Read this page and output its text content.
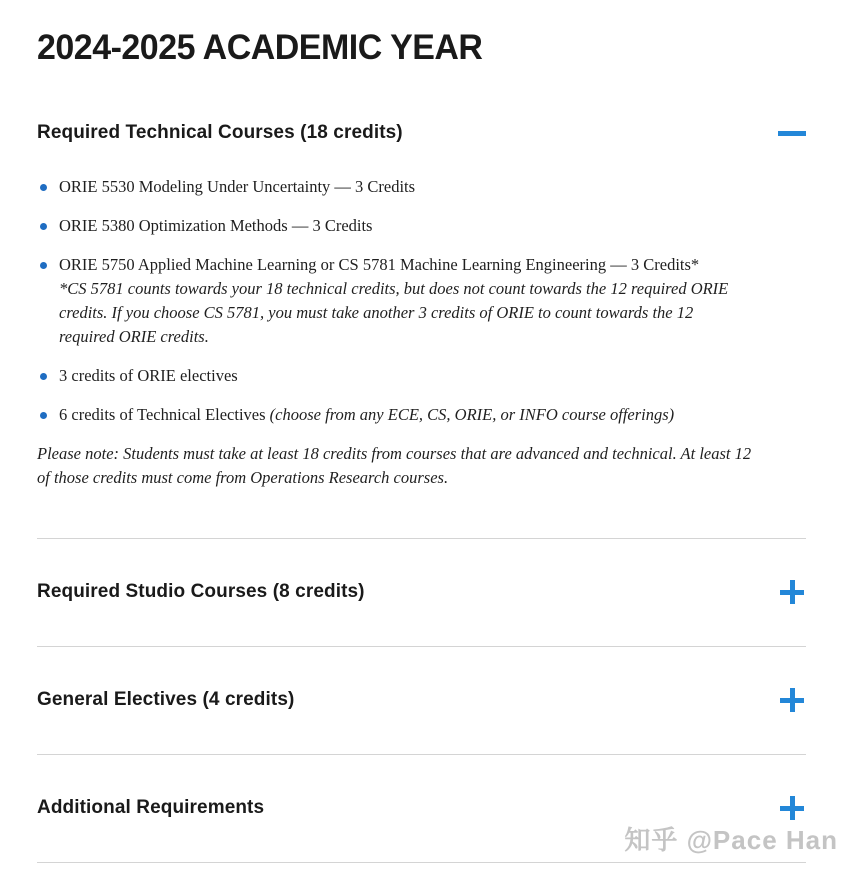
2024-2025 ACADEMIC YEAR
Required Technical Courses (18 credits)
ORIE 5530 Modeling Under Uncertainty — 3 Credits
ORIE 5380 Optimization Methods — 3 Credits
ORIE 5750 Applied Machine Learning or CS 5781 Machine Learning Engineering — 3 Credits*
*CS 5781 counts towards your 18 technical credits, but does not count towards the 12 required ORIE credits. If you choose CS 5781, you must take another 3 credits of ORIE to count towards the 12 required ORIE credits.
3 credits of ORIE electives
6 credits of Technical Electives (choose from any ECE, CS, ORIE, or INFO course offerings)

Please note: Students must take at least 18 credits from courses that are advanced and technical. At least 12 of those credits must come from Operations Research courses.

Required Studio Courses (8 credits)
General Electives (4 credits)
Additional Requirements
知乎 @Pace Han
